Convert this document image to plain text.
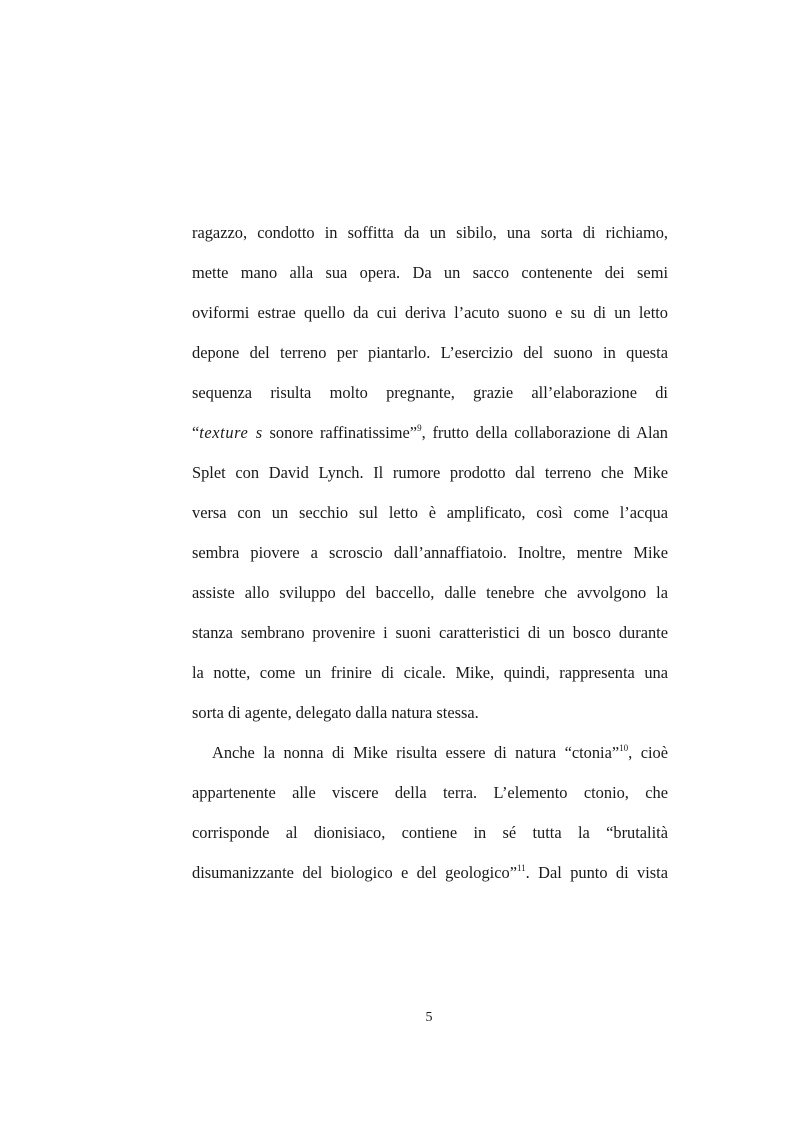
ragazzo, condotto in soffitta da un sibilo, una sorta di richiamo,
mette mano alla sua opera. Da un sacco contenente dei semi
oviformi estrae quello da cui deriva l’acuto suono e su di un letto
depone del terreno per piantarlo. L’esercizio del suono in questa
sequenza risulta molto pregnante, grazie all’elaborazione di
“texture s sonore raffinatissime”$^9$, frutto della collaborazione di Alan
Splet con David Lynch. Il rumore prodotto dal terreno che Mike
versa con un secchio sul letto è amplificato, così come l’acqua
sembra piovere a scroscio dall’annaffiatoio. Inoltre, mentre Mike
assiste allo sviluppo del baccello, dalle tenebre che avvolgono la
stanza sembrano provenire i suoni caratteristici di un bosco durante
la notte, come un frinire di cicale. Mike, quindi, rappresenta una
sorta di agente, delegato dalla natura stessa.
Anche la nonna di Mike risulta essere di natura “ctonia”$^{10}$, cioè
appartenente alle viscere della terra. L’elemento ctonio, che
corrisponde al dionisiaco, contiene in sé tutta la “brutalità
disumanizzante del biologico e del geologico”$^{11}$. Dal punto di vista
5
